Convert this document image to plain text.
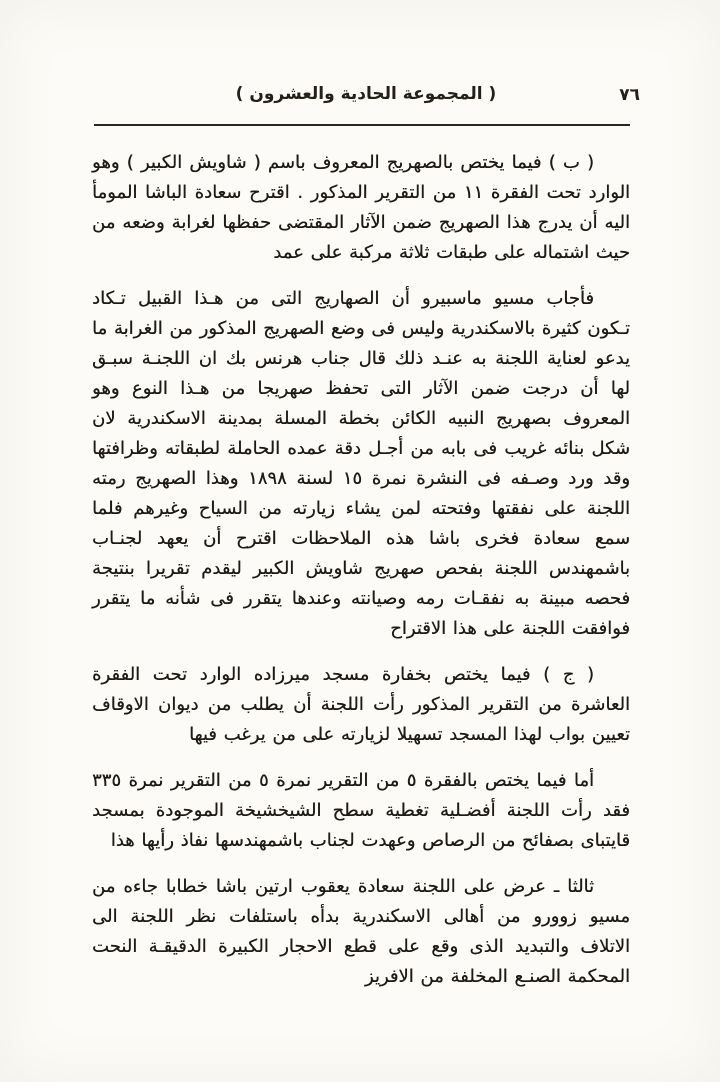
( المجموعة الحادية والعشرون )	٧٦

( ب ) فيما يختص بالصهريج المعروف باسم ( شاويش الكبير ) وهو الوارد تحت الفقرة ١١ من التقرير المذكور . اقترح سعادة الباشا المومأ اليه أن يدرج هذا الصهريج ضمن الآثار المقتضى حفظها لغرابة وضعه من حيث اشتماله على طبقات ثلاثة مركبة على عمد

فأجاب مسيو ماسبيرو أن الصهاريج التى من هـذا القبيل تـكاد تـكون كثيرة بالاسكندرية وليس فى وضع الصهريج المذكور من الغرابة ما يدعو لعناية اللجنة به عنـد ذلك قال جناب هرنس بك ان اللجنـة سبـق لها أن درجت ضمن الآثار التى تحفظ صهريجا من هـذا النوع وهو المعروف بصهريج النبيه الكائن بخطة المسلة بمدينة الاسكندرية لان شكل بنائه غريب فى بابه من أجـل دقة عمده الحاملة لطبقاته وظرافتها وقد ورد وصـفه فى النشرة نمرة ١٥ لسنة ١٨٩٨ وهذا الصهريج رمته اللجنة على نفقتها وفتحته لمن يشاء زيارته من السياح وغيرهم فلما سمع سعادة فخرى باشا هذه الملاحظات اقترح أن يعهد لجنـاب باشمهندس اللجنة بفحص صهريج شاويش الكبير ليقدم تقريرا بنتيجة فحصه مبينة به نفقـات رمه وصيانته وعندها يتقرر فى شأنه ما يتقرر فوافقت اللجنة على هذا الاقتراح

( ج ) فيما يختص بخفارة مسجد ميرزاده الوارد تحت الفقرة العاشرة من التقرير المذكور رأت اللجنة أن يطلب من ديوان الاوقاف تعيين بواب لهذا المسجد تسهيلا لزيارته على من يرغب فيها

أما فيما يختص بالفقرة ٥ من التقرير نمرة ٥ من التقرير نمرة ٣٣٥ فقد رأت اللجنة أفضـلية تغطية سطح الشيخشيخة الموجودة بمسجد قايتباى بصفائح من الرصاص وعهدت لجناب باشمهندسها نفاذ رأيها هذا

ثالثا ـ عرض على اللجنة سعادة يعقوب ارتين باشا خطابا جاءه من مسيو زوورو من أهالى الاسكندرية بدأه باستلفات نظر اللجنة الى الاتلاف والتبديد الذى وقع على قطع الاحجار الكبيرة الدقيقـة النحت المحكمة الصنـع المخلفة من الافريز
